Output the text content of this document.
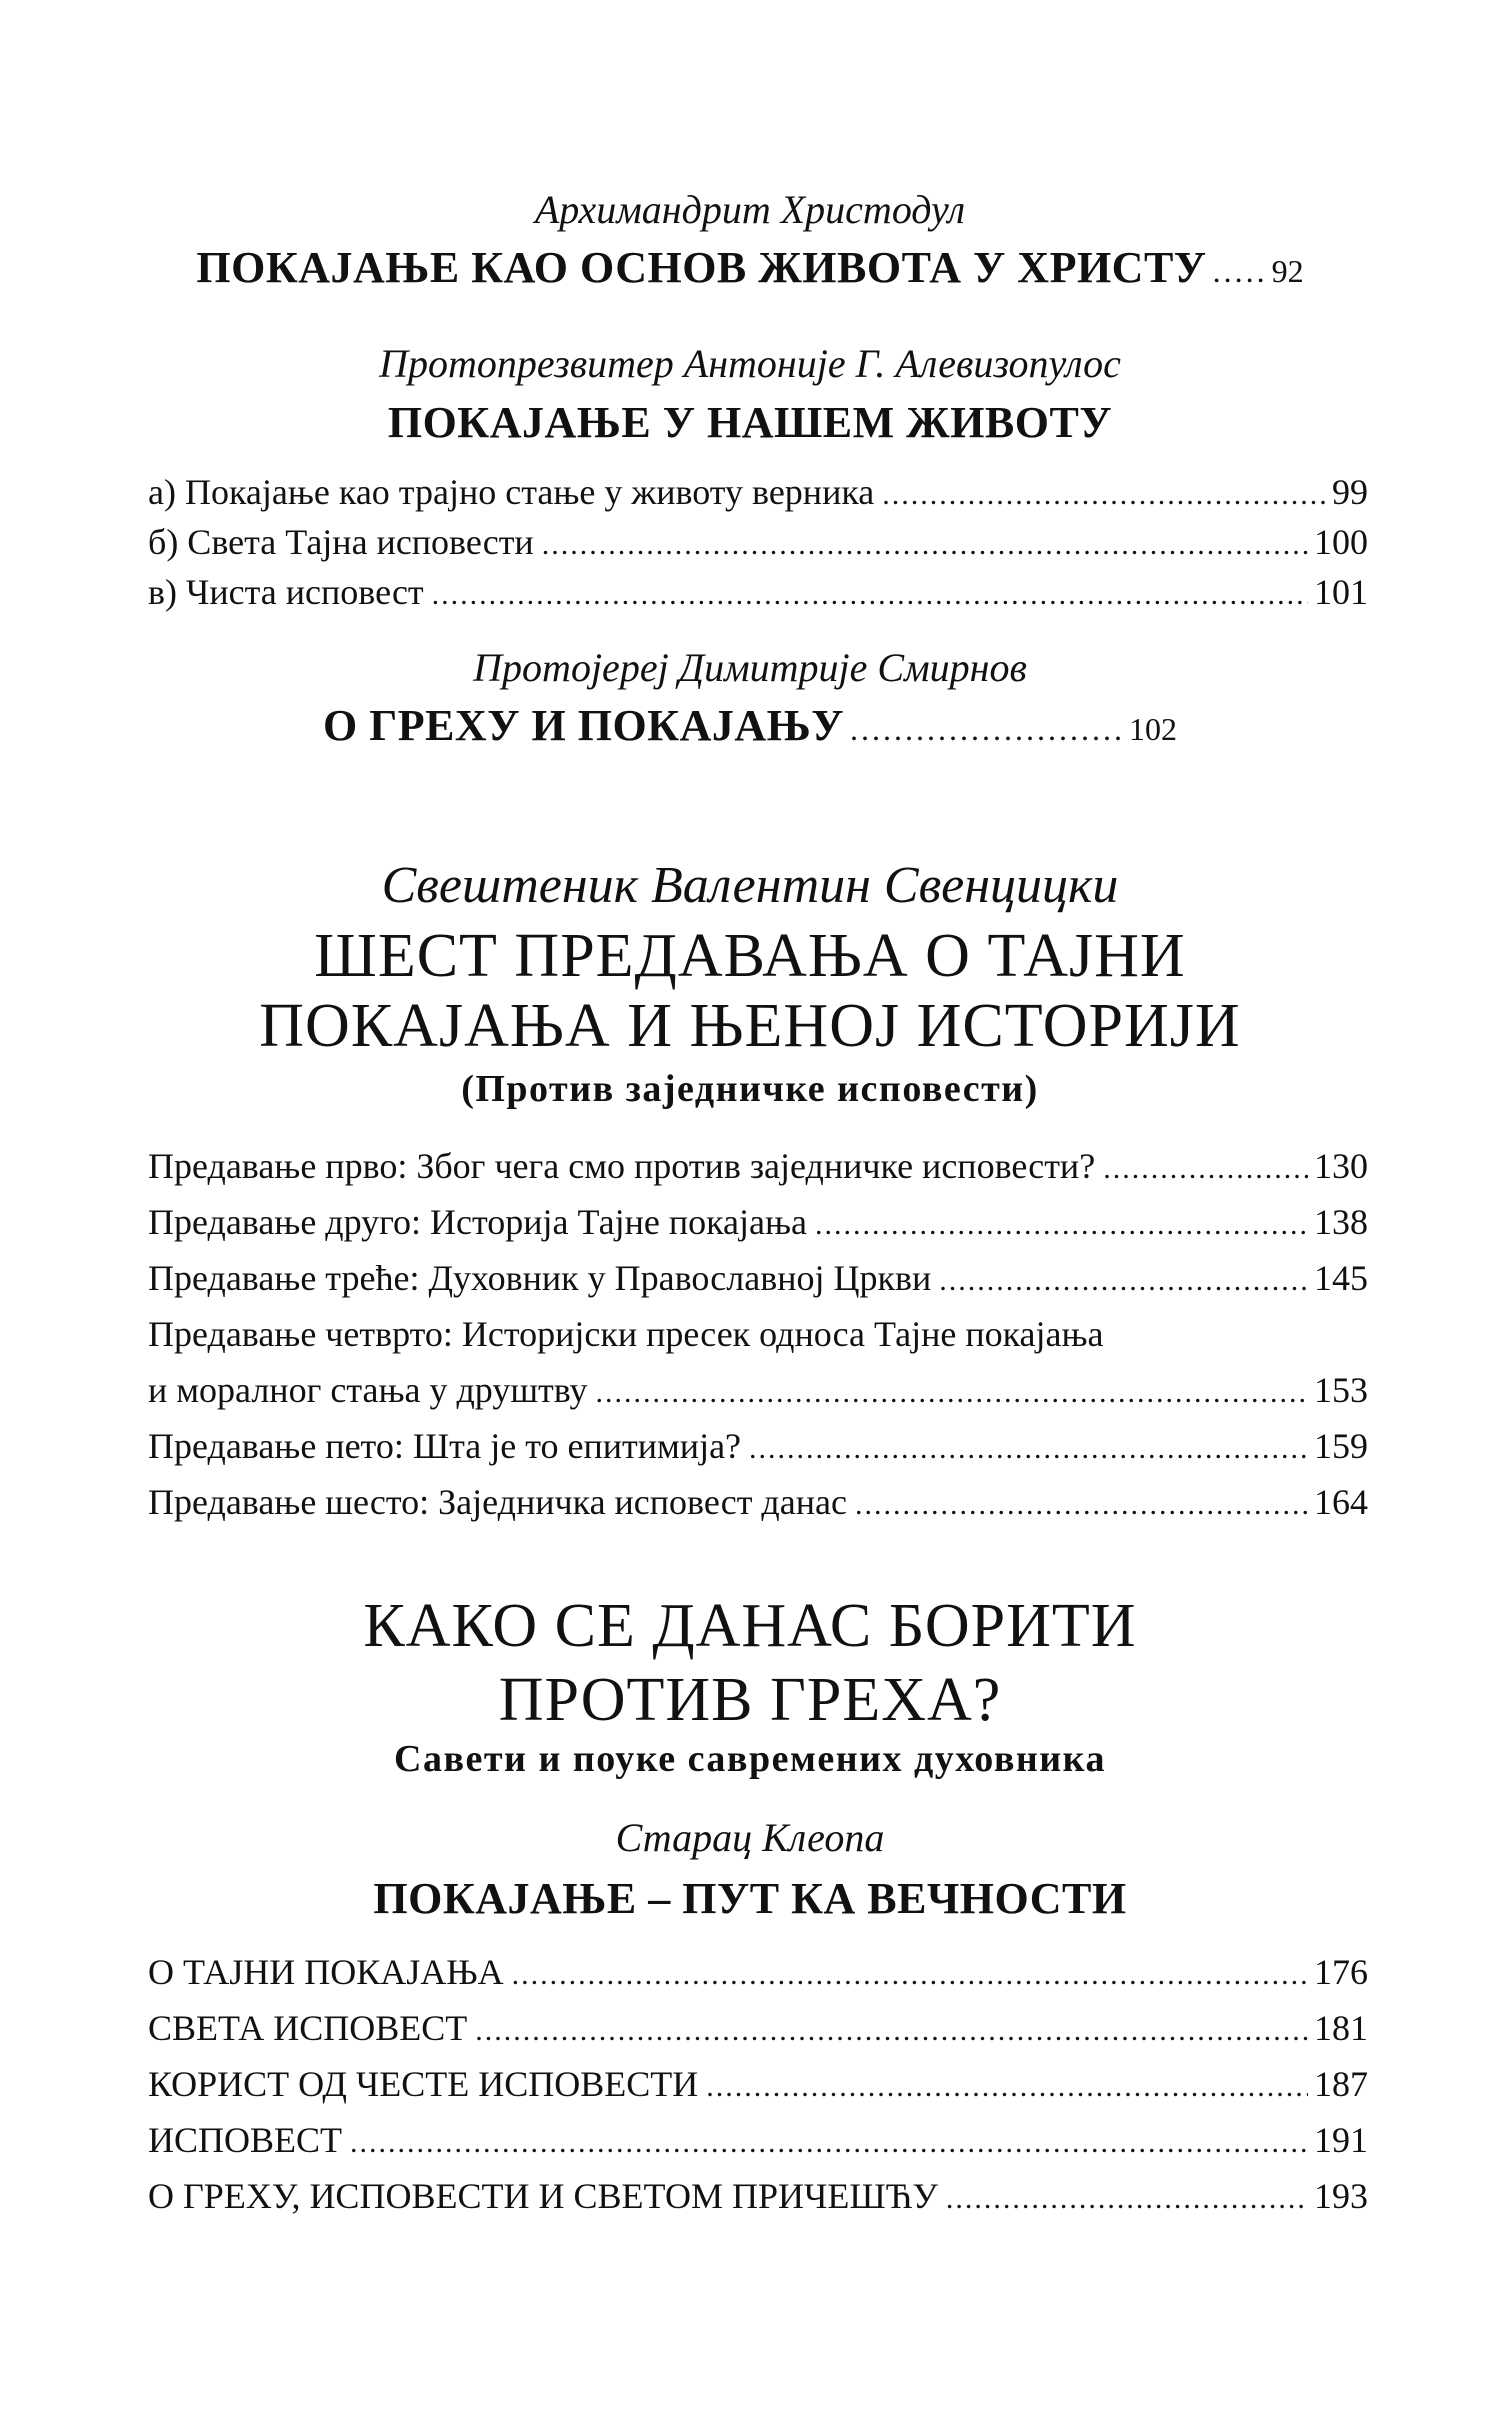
Архимандрит Христодул
ПОКАЈАЊЕ КАО ОСНОВ ЖИВОТА У ХРИСТУ ..... 92
Протопрезвитер Антоније Г. Алевизопулос
ПОКАЈАЊЕ У НАШЕМ ЖИВОТУ
а) Покајање као трајно стање у животу верника .....	99
б) Света Тајна исповести .....	100
в) Чиста исповест .....	101
Протојереј Димитрије Смирнов
О ГРЕХУ И ПОКАЈАЊУ ......................... 102
Свештеник Валентин Свенцицки
ШЕСТ ПРЕДАВАЊА О ТАЈНИ
ПОКАЈАЊА И ЊЕНОЈ ИСТОРИЈИ
(Против заједничке исповести)
Предавање прво: Због чега смо против заједничке исповести? .....	130
Предавање друго: Историја Тајне покајања .....	138
Предавање треће: Духовник у Православној Цркви .....	145
Предавање четврто: Историјски пресек односа Тајне покајања
и моралног стања у друштву .....	153
Предавање пето: Шта је то епитимија? .....	159
Предавање шесто: Заједничка исповест данас .....	164
КАКО СЕ ДАНАС БОРИТИ
ПРОТИВ ГРЕХА?
Савети и поуке савремених духовника
Старац Клеопа
ПОКАЈАЊЕ – ПУТ КА ВЕЧНОСТИ
О ТАЈНИ ПОКАЈАЊА .....	176
СВЕТА ИСПОВЕСТ .....	181
КОРИСТ ОД ЧЕСТЕ ИСПОВЕСТИ .....	187
ИСПОВЕСТ .....	191
О ГРЕХУ, ИСПОВЕСТИ И СВЕТОМ ПРИЧЕШЋУ .....	193
